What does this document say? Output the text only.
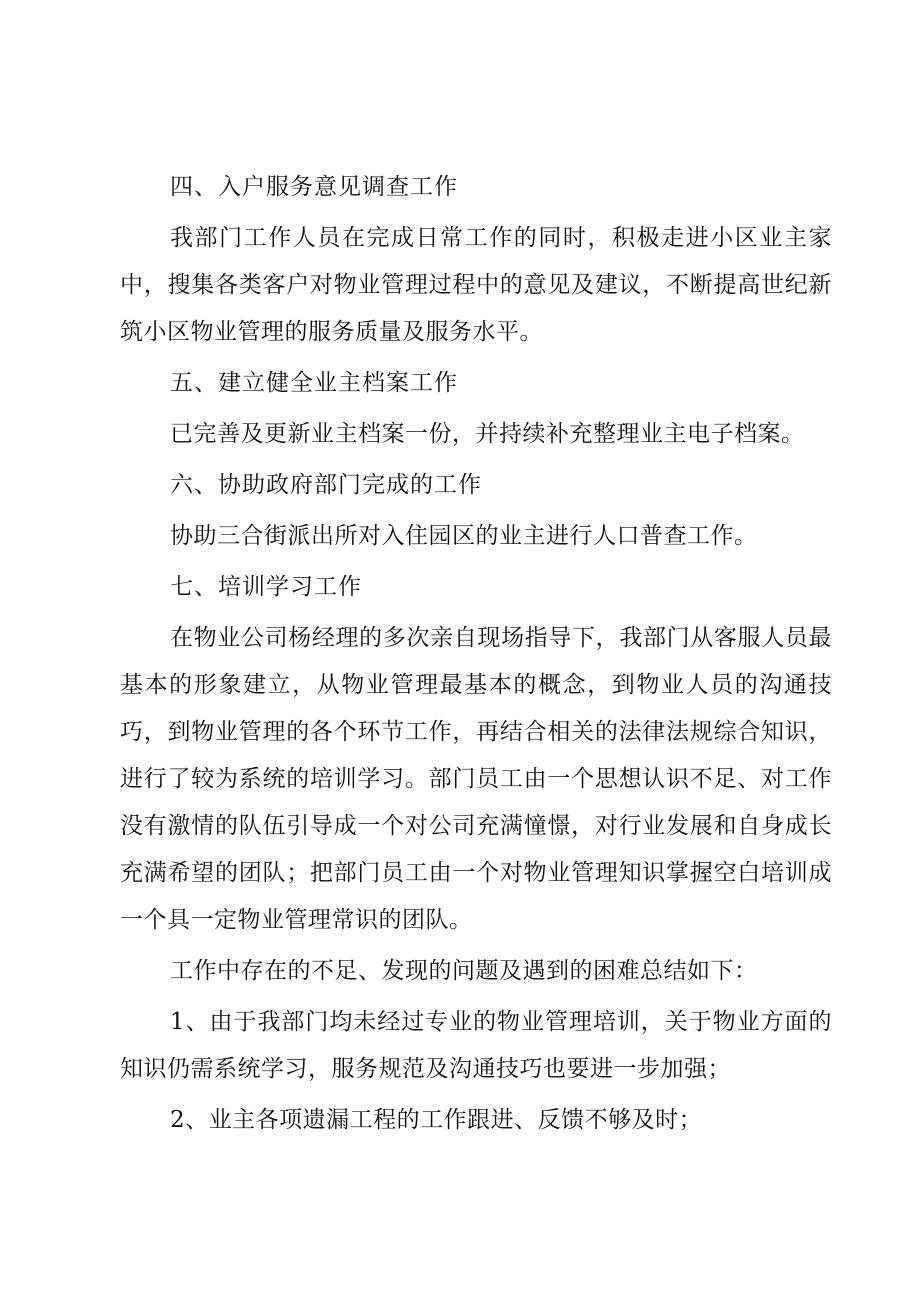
四、入户服务意见调查工作

我部门工作人员在完成日常工作的同时，积极走进小区业主家中，搜集各类客户对物业管理过程中的意见及建议，不断提高世纪新筑小区物业管理的服务质量及服务水平。

五、建立健全业主档案工作

已完善及更新业主档案一份，并持续补充整理业主电子档案。

六、协助政府部门完成的工作

协助三合街派出所对入住园区的业主进行人口普查工作。

七、培训学习工作

在物业公司杨经理的多次亲自现场指导下，我部门从客服人员最基本的形象建立，从物业管理最基本的概念，到物业人员的沟通技巧，到物业管理的各个环节工作，再结合相关的法律法规综合知识，进行了较为系统的培训学习。部门员工由一个思想认识不足、对工作没有激情的队伍引导成一个对公司充满憧憬，对行业发展和自身成长充满希望的团队；把部门员工由一个对物业管理知识掌握空白培训成一个具一定物业管理常识的团队。

工作中存在的不足、发现的问题及遇到的困难总结如下：

1、由于我部门均未经过专业的物业管理培训，关于物业方面的知识仍需系统学习，服务规范及沟通技巧也要进一步加强；

2、业主各项遗漏工程的工作跟进、反馈不够及时；
